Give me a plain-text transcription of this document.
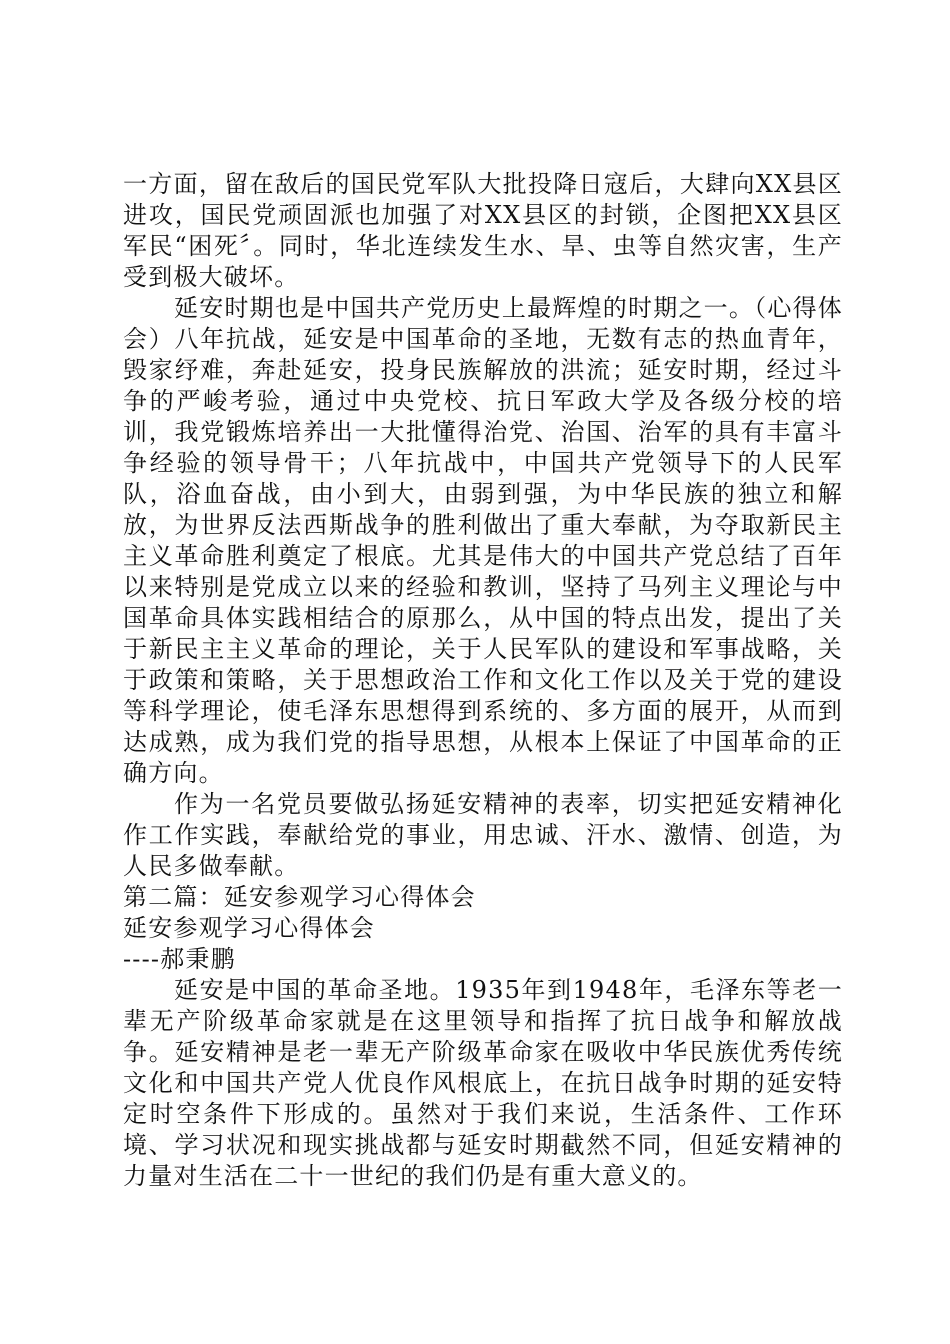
一方面，留在敌后的国民党军队大批投降日寇后，大肆向XX县区进攻，国民党顽固派也加强了对XX县区的封锁，企图把XX县区军民“困死〞。同时，华北连续发生水、旱、虫等自然灾害，生产受到极大破坏。

延安时期也是中国共产党历史上最辉煌的时期之一。（心得体会）八年抗战，延安是中国革命的圣地，无数有志的热血青年，毁家纾难，奔赴延安，投身民族解放的洪流；延安时期，经过斗争的严峻考验，通过中央党校、抗日军政大学及各级分校的培训，我党锻炼培养出一大批懂得治党、治国、治军的具有丰富斗争经验的领导骨干；八年抗战中，中国共产党领导下的人民军队，浴血奋战，由小到大，由弱到强，为中华民族的独立和解放，为世界反法西斯战争的胜利做出了重大奉献，为夺取新民主主义革命胜利奠定了根底。尤其是伟大的中国共产党总结了百年以来特别是党成立以来的经验和教训，坚持了马列主义理论与中国革命具体实践相结合的原那么，从中国的特点出发，提出了关于新民主主义革命的理论，关于人民军队的建设和军事战略，关于政策和策略，关于思想政治工作和文化工作以及关于党的建设等科学理论，使毛泽东思想得到系统的、多方面的展开，从而到达成熟，成为我们党的指导思想，从根本上保证了中国革命的正确方向。

作为一名党员要做弘扬延安精神的表率，切实把延安精神化作工作实践，奉献给党的事业，用忠诚、汗水、激情、创造，为人民多做奉献。

第二篇：延安参观学习心得体会

延安参观学习心得体会

----郝秉鹏

延安是中国的革命圣地。1935年到1948年，毛泽东等老一辈无产阶级革命家就是在这里领导和指挥了抗日战争和解放战争。延安精神是老一辈无产阶级革命家在吸收中华民族优秀传统文化和中国共产党人优良作风根底上，在抗日战争时期的延安特定时空条件下形成的。虽然对于我们来说，生活条件、工作环境、学习状况和现实挑战都与延安时期截然不同，但延安精神的力量对生活在二十一世纪的我们仍是有重大意义的。
